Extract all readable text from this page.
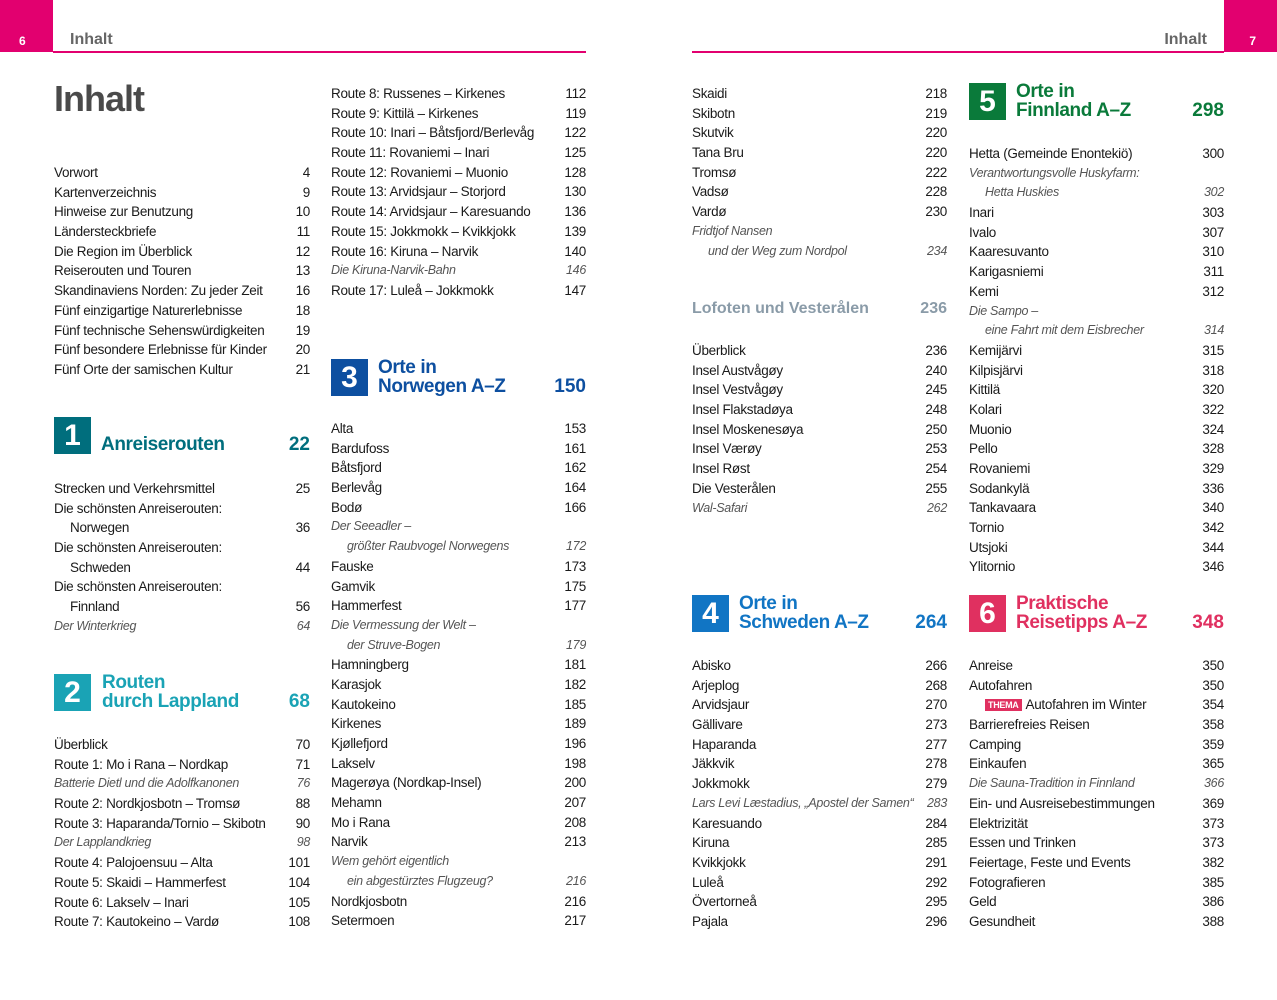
6	7
Inhalt	Inhalt
Inhalt
Vorwort	4
Kartenverzeichnis	9
Hinweise zur Benutzung	10
Ländersteckbriefe	11
Die Region im Überblick	12
Reiserouten und Touren	13
Skandinaviens Norden: Zu jeder Zeit 16
Fünf einzigartige Naturerlebnisse	18
Fünf technische Sehenswürdigkeiten 19
Fünf besondere Erlebnisse für Kinder 20
Fünf Orte der samischen Kultur	21
1	Anreiserouten	22
Strecken und Verkehrsmittel	25
Die schönsten Anreiserouten:
Norwegen	36
Die schönsten Anreiserouten:
Schweden	44
Die schönsten Anreiserouten:
Finnland	56
Der Winterkrieg	64
2	Routen
durch Lappland	68
Überblick	70
Route 1: Mo i Rana – Nordkap	71
Batterie Dietl und die Adolfkanonen	76
Route 2: Nordkjosbotn – Tromsø	88
Route 3: Haparanda/Tornio – Skibotn 90
Der Lapplandkrieg	98
Route 4: Palojoensuu – Alta	101
Route 5: Skaidi – Hammerfest	104
Route 6: Lakselv – Inari	105
Route 7: Kautokeino – Vardø	108
Route 8: Russenes – Kirkenes	112
Route 9: Kittilä – Kirkenes	119
Route 10: Inari – Båtsfjord/Berlevåg 122
Route 11: Rovaniemi – Inari	125
Route 12: Rovaniemi – Muonio	128
Route 13: Arvidsjaur – Storjord	130
Route 14: Arvidsjaur – Karesuando	136
Route 15: Jokkmokk – Kvikkjokk	139
Route 16: Kiruna – Narvik	140
Die Kiruna-Narvik-Bahn	146
Route 17: Luleå – Jokkmokk	147
3	Orte in
Norwegen A–Z	150
Alta	153
Bardufoss	161
Båtsfjord	162
Berlevåg	164
Bodø	166
Der Seeadler –
größter Raubvogel Norwegens	172
Fauske	173
Gamvik	175
Hammerfest	177
Die Vermessung der Welt –
der Struve-Bogen	179
Hamningberg	181
Karasjok	182
Kautokeino	185
Kirkenes	189
Kjøllefjord	196
Lakselv	198
Magerøya (Nordkap-Insel)	200
Mehamn	207
Mo i Rana	208
Narvik	213
Wem gehört eigentlich
ein abgestürztes Flugzeug?	216
Nordkjosbotn	216
Setermoen	217
Skaidi	218
Skibotn	219
Skutvik	220
Tana Bru	220
Tromsø	222
Vadsø	228
Vardø	230
Fridtjof Nansen
und der Weg zum Nordpol	234
Lofoten und Vesterålen	236
Überblick	236
Insel Austvågøy	240
Insel Vestvågøy	245
Insel Flakstadøya	248
Insel Moskenesøya	250
Insel Værøy	253
Insel Røst	254
Die Vesterålen	255
Wal-Safari	262
4	Orte in
Schweden A–Z	264
Abisko	266
Arjeplog	268
Arvidsjaur	270
Gällivare	273
Haparanda	277
Jäkkvik	278
Jokkmokk	279
Lars Levi Læstadius, „Apostel der Samen“ 283
Karesuando	284
Kiruna	285
Kvikkjokk	291
Luleå	292
Övertorneå	295
Pajala	296
5	Orte in
Finnland A–Z	298
Hetta (Gemeinde Enontekiö)	300
Verantwortungsvolle Huskyfarm:
Hetta Huskies	302
Inari	303
Ivalo	307
Kaaresuvanto	310
Karigasniemi	311
Kemi	312
Die Sampo –
eine Fahrt mit dem Eisbrecher	314
Kemijärvi	315
Kilpisjärvi	318
Kittilä	320
Kolari	322
Muonio	324
Pello	328
Rovaniemi	329
Sodankylä	336
Tankavaara	340
Tornio	342
Utsjoki	344
Ylitornio	346
6	Praktische
Reisetipps A–Z	348
Anreise	350
Autofahren	350
THEMA Autofahren im Winter	354
Barrierefreies Reisen	358
Camping	359
Einkaufen	365
Die Sauna-Tradition in Finnland	366
Ein- und Ausreisebestimmungen	369
Elektrizität	373
Essen und Trinken	373
Feiertage, Feste und Events	382
Fotografieren	385
Geld	386
Gesundheit	388
